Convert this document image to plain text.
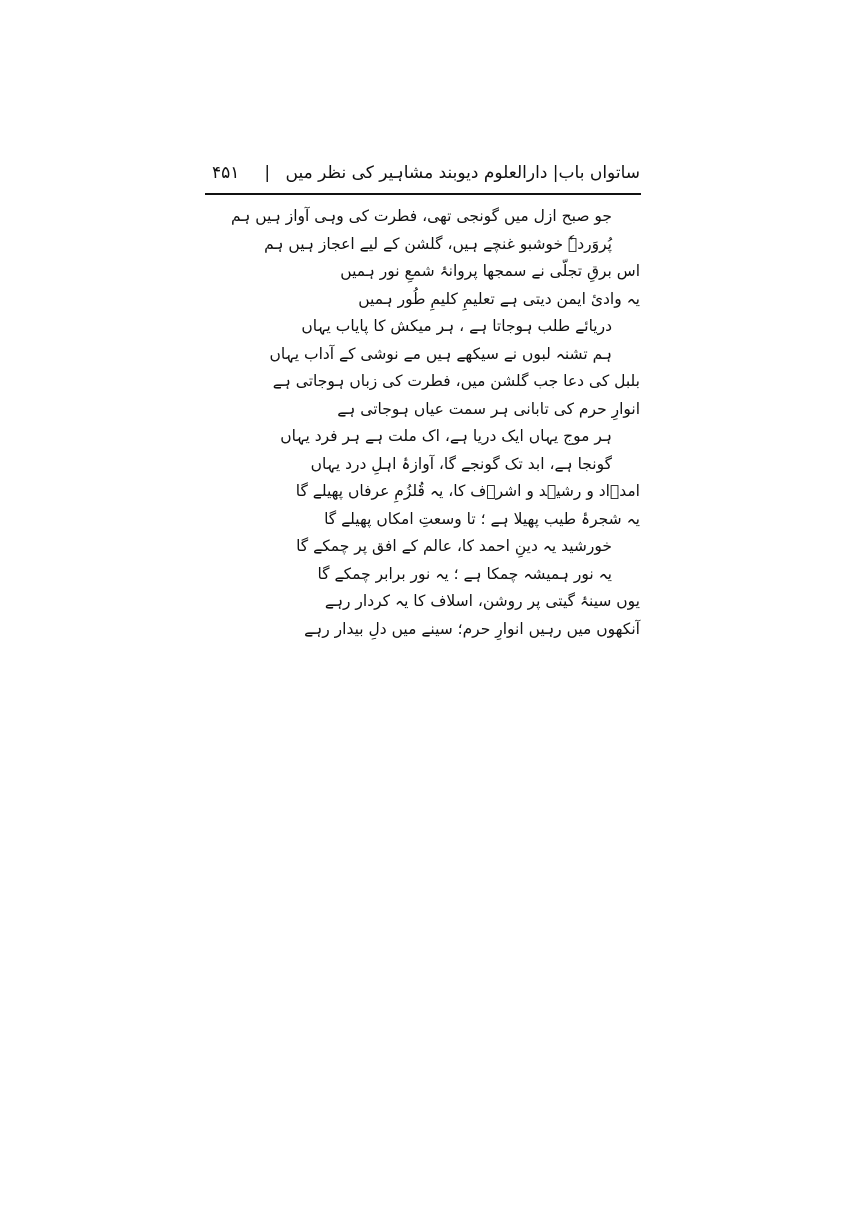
ساتواں باب| دارالعلوم دیوبند مشاہیر کی نظر میں |
۴۵۱
جو صبح ازل میں گونجی تھی، فطرت کی وہی آواز ہیں ہم
پُروَردہٗ خوشبو غنچے ہیں، گلشن کے لیے اعجاز ہیں ہم
اس برقِ تجلّی نے سمجھا پروانۂ شمعِ نور ہمیں
یہ وادیٔ ایمن دیتی ہے تعلیمِ کلیمِ طُور ہمیں
دریائے طلب ہوجاتا ہے ، ہر میکش کا پایاب یہاں
ہم تشنہ لبوں نے سیکھے ہیں مے نوشی کے آداب یہاں
بلبل کی دعا جب گلشن میں، فطرت کی زباں ہوجاتی ہے
انوارِ حرم کی تابانی ہر سمت عیاں ہوجاتی ہے
ہر موج یہاں ایک دریا ہے، اک ملت ہے ہر فرد یہاں
گونجا ہے، ابد تک گونجے گا، آوازۂ اہلِ درد یہاں
امدؔاد و رشیؔد و اشرؔف کا، یہ قُلزُمِ عرفاں پھیلے گا
یہ شجرۂ طیب پھیلا ہے ؛ تا وسعتِ امکاں پھیلے گا
خورشید یہ دینِ احمد کا، عالم کے افق پر چمکے گا
یہ نور ہمیشہ چمکا ہے ؛ یہ نور برابر چمکے گا
یوں سینۂ گیتی پر روشن، اسلاف کا یہ کردار رہے
آنکھوں میں رہیں انوارِ حرم؛ سینے میں دلِ بیدار رہے
